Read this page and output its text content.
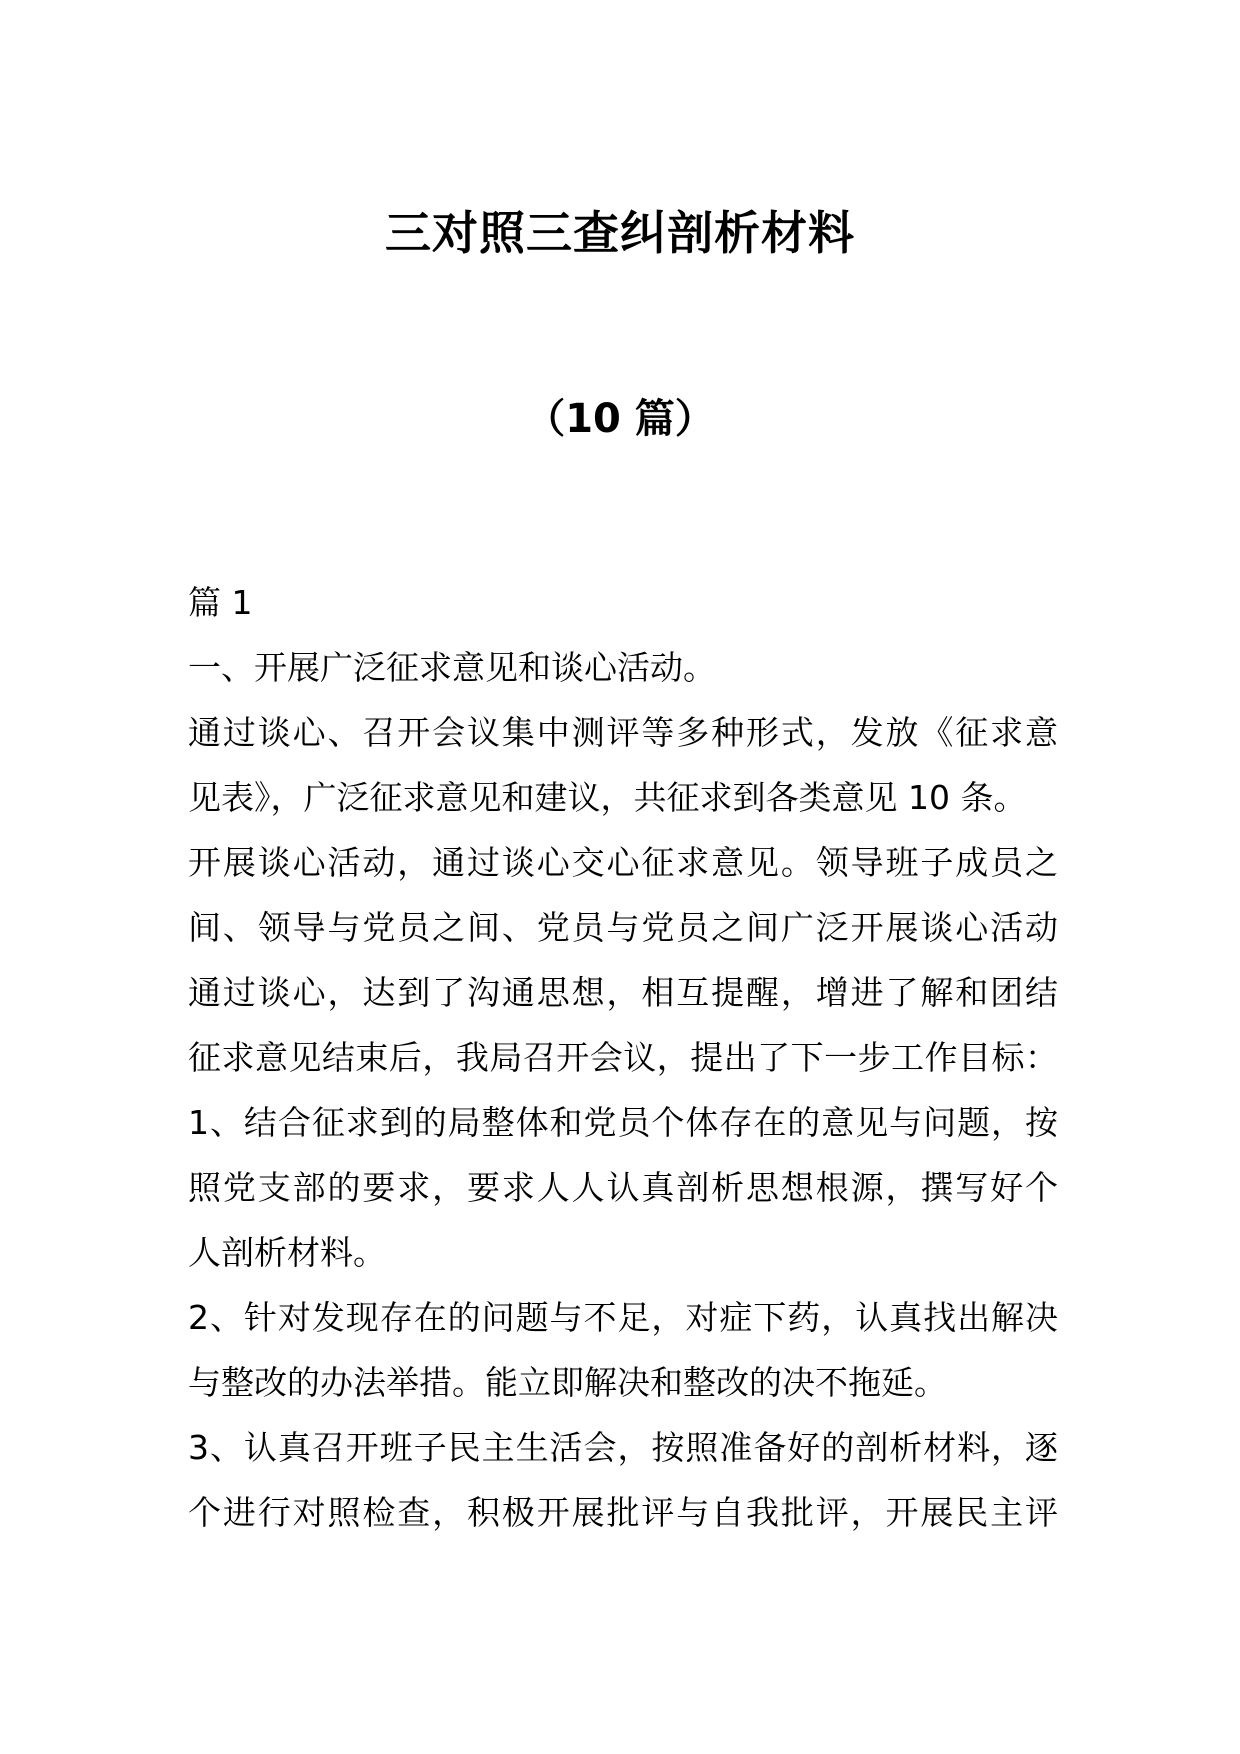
三对照三查纠剖析材料
（10 篇）
篇 1
一、开展广泛征求意见和谈心活动。
通过谈心、召开会议集中测评等多种形式，发放《征求意
见表》，广泛征求意见和建议，共征求到各类意见 10 条。
开展谈心活动，通过谈心交心征求意见。领导班子成员之
间、领导与党员之间、党员与党员之间广泛开展谈心活动
通过谈心，达到了沟通思想，相互提醒，增进了解和团结
征求意见结束后，我局召开会议，提出了下一步工作目标：
1、结合征求到的局整体和党员个体存在的意见与问题，按
照党支部的要求，要求人人认真剖析思想根源，撰写好个
人剖析材料。
2、针对发现存在的问题与不足，对症下药，认真找出解决
与整改的办法举措。能立即解决和整改的决不拖延。
3、认真召开班子民主生活会，按照准备好的剖析材料，逐
个进行对照检查，积极开展批评与自我批评，开展民主评
